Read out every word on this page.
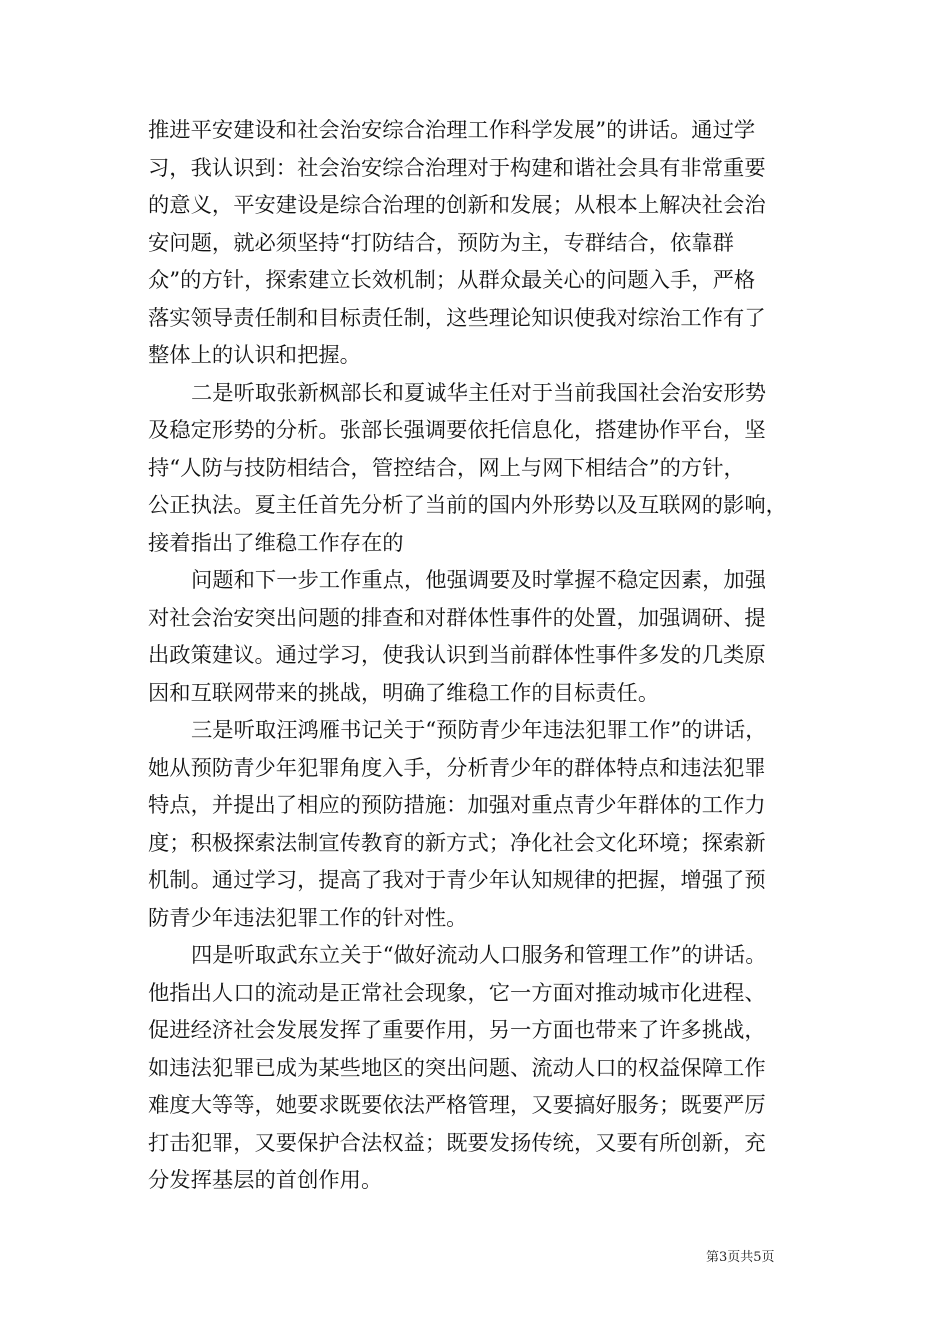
推进平安建设和社会治安综合治理工作科学发展”的讲话。通过学
习，我认识到：社会治安综合治理对于构建和谐社会具有非常重要
的意义，平安建设是综合治理的创新和发展；从根本上解决社会治
安问题，就必须坚持“打防结合，预防为主，专群结合，依靠群
众”的方针，探索建立长效机制；从群众最关心的问题入手，严格
落实领导责任制和目标责任制，这些理论知识使我对综治工作有了
整体上的认识和把握。
二是听取张新枫部长和夏诚华主任对于当前我国社会治安形势
及稳定形势的分析。张部长强调要依托信息化，搭建协作平台，坚
持“人防与技防相结合，管控结合，网上与网下相结合”的方针，
公正执法。夏主任首先分析了当前的国内外形势以及互联网的影响，
接着指出了维稳工作存在的
问题和下一步工作重点，他强调要及时掌握不稳定因素，加强
对社会治安突出问题的排查和对群体性事件的处置，加强调研、提
出政策建议。通过学习，使我认识到当前群体性事件多发的几类原
因和互联网带来的挑战，明确了维稳工作的目标责任。
三是听取汪鸿雁书记关于“预防青少年违法犯罪工作”的讲话，
她从预防青少年犯罪角度入手，分析青少年的群体特点和违法犯罪
特点，并提出了相应的预防措施：加强对重点青少年群体的工作力
度；积极探索法制宣传教育的新方式；净化社会文化环境；探索新
机制。通过学习，提高了我对于青少年认知规律的把握，增强了预
防青少年违法犯罪工作的针对性。
四是听取武东立关于“做好流动人口服务和管理工作”的讲话。
他指出人口的流动是正常社会现象，它一方面对推动城市化进程、
促进经济社会发展发挥了重要作用，另一方面也带来了许多挑战，
如违法犯罪已成为某些地区的突出问题、流动人口的权益保障工作
难度大等等，她要求既要依法严格管理，又要搞好服务；既要严厉
打击犯罪，又要保护合法权益；既要发扬传统，又要有所创新，充
分发挥基层的首创作用。
第3页共5页
